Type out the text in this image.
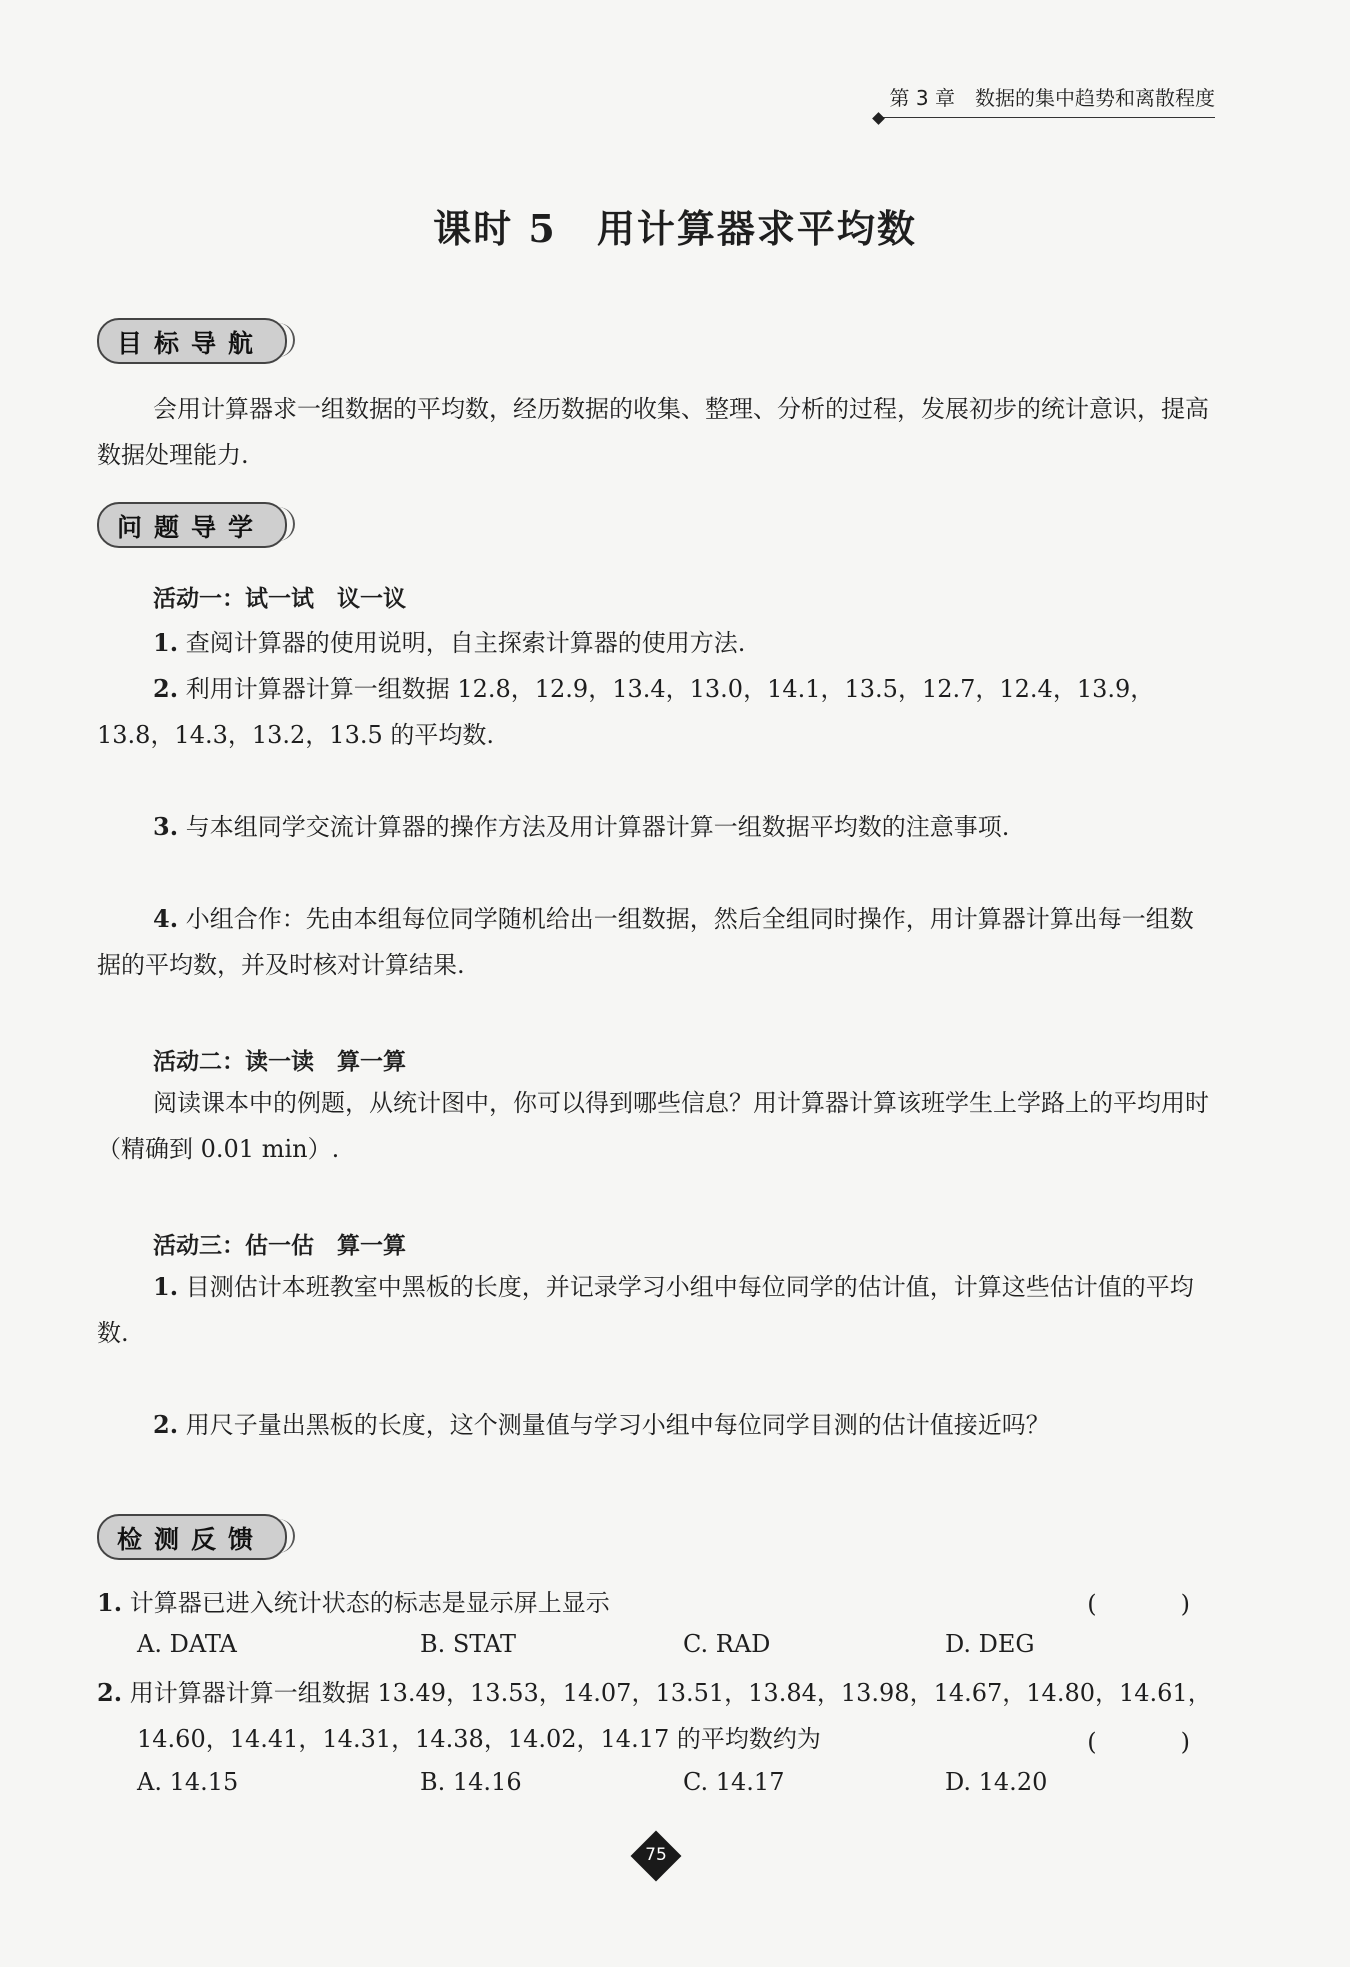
第 3 章　数据的集中趋势和离散程度
课时 5　用计算器求平均数
目标导航
会用计算器求一组数据的平均数，经历数据的收集、整理、分析的过程，发展初步的统计意识，提高数据处理能力.
问题导学
活动一：试一试　议一议
1. 查阅计算器的使用说明，自主探索计算器的使用方法.
2. 利用计算器计算一组数据 12.8，12.9，13.4，13.0，14.1，13.5，12.7，12.4，13.9，13.8，14.3，13.2，13.5 的平均数.
3. 与本组同学交流计算器的操作方法及用计算器计算一组数据平均数的注意事项.
4. 小组合作：先由本组每位同学随机给出一组数据，然后全组同时操作，用计算器计算出每一组数据的平均数，并及时核对计算结果.
活动二：读一读　算一算
阅读课本中的例题，从统计图中，你可以得到哪些信息？用计算器计算该班学生上学路上的平均用时（精确到 0.01 min）.
活动三：估一估　算一算
1. 目测估计本班教室中黑板的长度，并记录学习小组中每位同学的估计值，计算这些估计值的平均数.
2. 用尺子量出黑板的长度，这个测量值与学习小组中每位同学目测的估计值接近吗？
检测反馈
1. 计算器已进入统计状态的标志是显示屏上显示	(　)
A. DATA	B. STAT	C. RAD	D. DEG
2. 用计算器计算一组数据 13.49，13.53，14.07，13.51，13.84，13.98，14.67，14.80，14.61，
14.60，14.41，14.31，14.38，14.02，14.17 的平均数约为	(　)
A. 14.15	B. 14.16	C. 14.17	D. 14.20
75
